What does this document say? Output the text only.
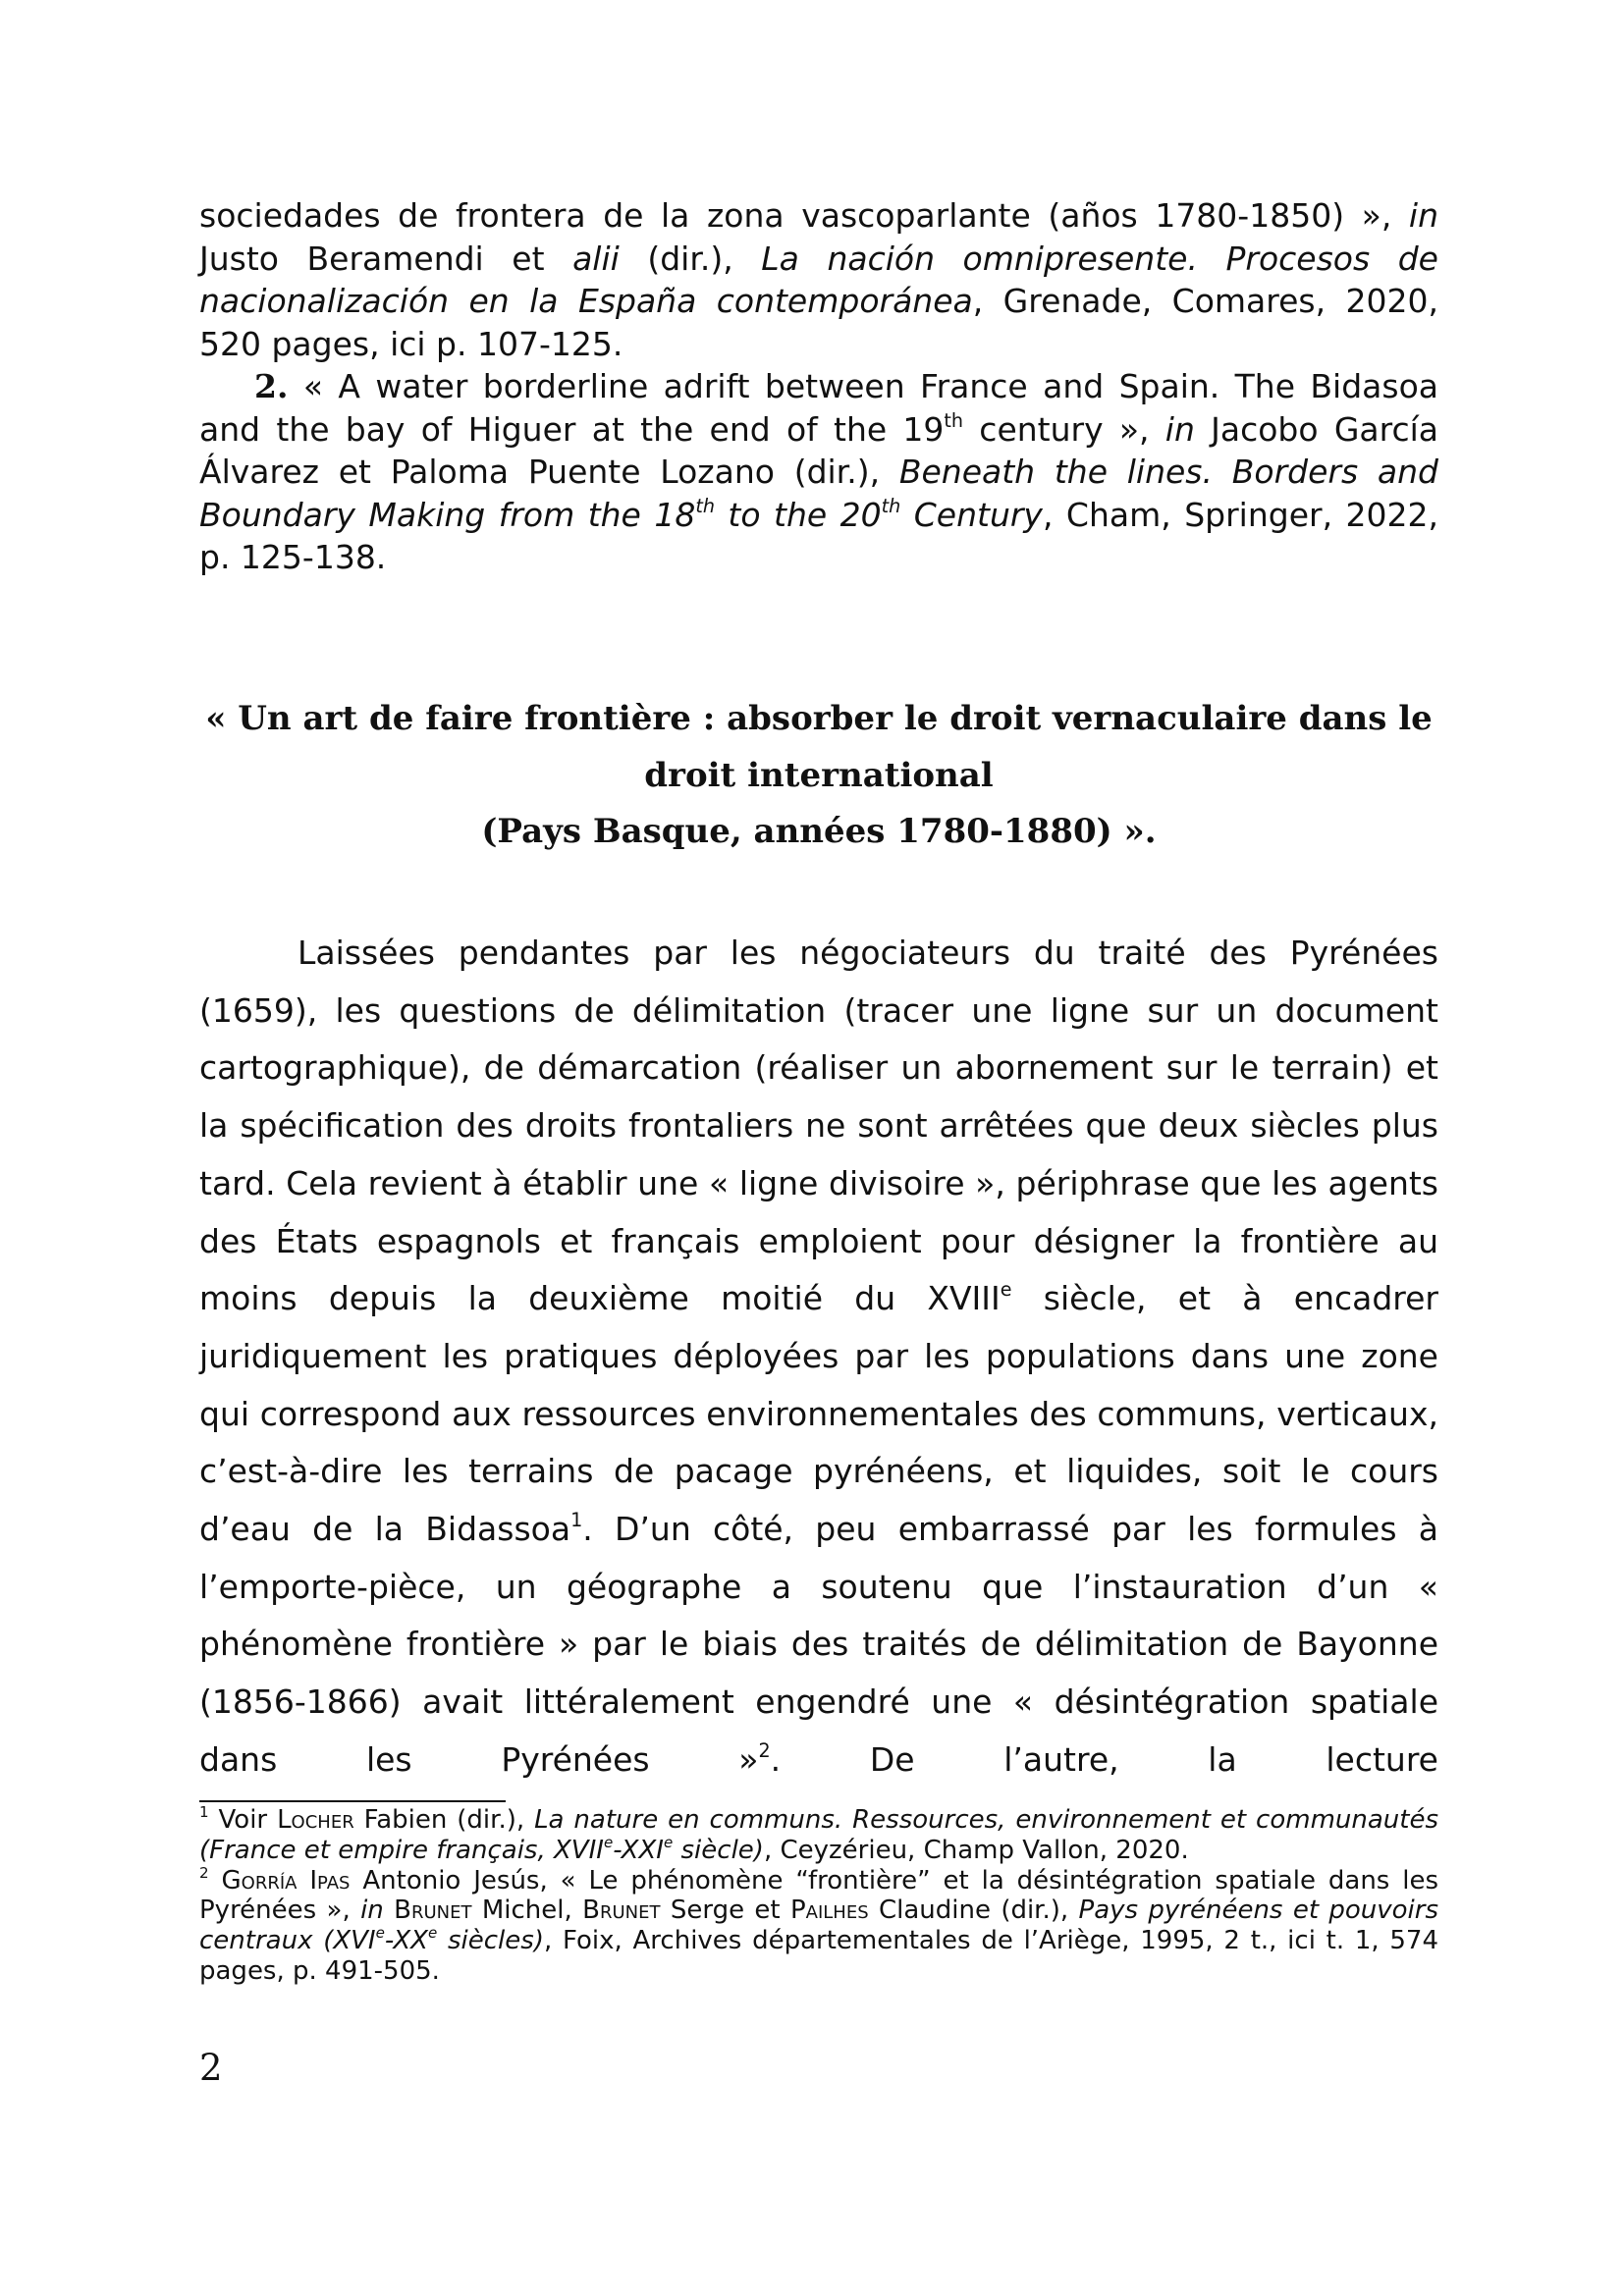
sociedades de frontera de la zona vascoparlante (años 1780-1850) », in Justo Beramendi et alii (dir.), La nación omnipresente. Procesos de nacionalización en la España contemporánea, Grenade, Comares, 2020, 520 pages, ici p. 107-125.

2. « A water borderline adrift between France and Spain. The Bidasoa and the bay of Higuer at the end of the 19th century », in Jacobo García Álvarez et Paloma Puente Lozano (dir.), Beneath the lines. Borders and Boundary Making from the 18th to the 20th Century, Cham, Springer, 2022, p. 125-138.

« Un art de faire frontière : absorber le droit vernaculaire dans le
droit international
(Pays Basque, années 1780-1880) ».

Laissées pendantes par les négociateurs du traité des Pyrénées (1659), les questions de délimitation (tracer une ligne sur un document cartographique), de démarcation (réaliser un abornement sur le terrain) et la spécification des droits frontaliers ne sont arrêtées que deux siècles plus tard. Cela revient à établir une « ligne divisoire », périphrase que les agents des États espagnols et français emploient pour désigner la frontière au moins depuis la deuxième moitié du XVIIIe siècle, et à encadrer juridiquement les pratiques déployées par les populations dans une zone qui correspond aux ressources environnementales des communs, verticaux, c’est-à-dire les terrains de pacage pyrénéens, et liquides, soit le cours d’eau de la Bidassoa$^1$. D’un côté, peu embarrassé par les formules à l’emporte-pièce, un géographe a soutenu que l’instauration d’un « phénomène frontière » par le biais des traités de délimitation de Bayonne (1856-1866) avait littéralement engendré une « désintégration spatiale dans les Pyrénées »$^2$. De l’autre, la lecture

$^1$ Voir Locher Fabien (dir.), La nature en communs. Ressources, environnement et communautés (France et empire français, XVIIe-XXIe siècle), Ceyzérieu, Champ Vallon, 2020.

$^2$ Gorría Ipas Antonio Jesús, « Le phénomène “frontière” et la désintégration spatiale dans les Pyrénées », in Brunet Michel, Brunet Serge et Pailhes Claudine (dir.), Pays pyrénéens et pouvoirs centraux (XVIe-XXe siècles), Foix, Archives départementales de l’Ariège, 1995, 2 t., ici t. 1, 574 pages, p. 491-505.

2
